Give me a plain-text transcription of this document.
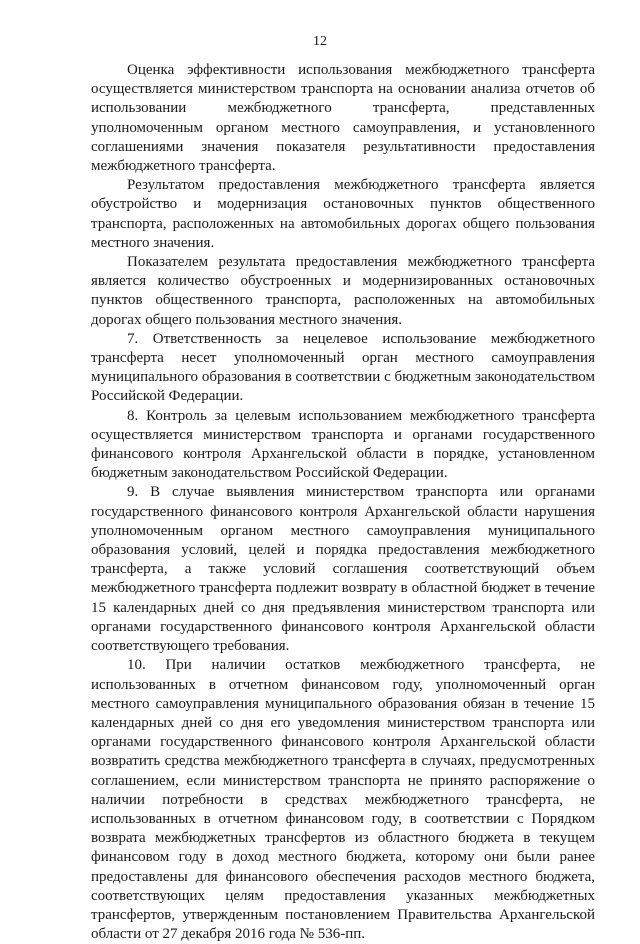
12

Оценка эффективности использования межбюджетного трансферта осуществляется министерством транспорта на основании анализа отчетов об использовании межбюджетного трансферта, представленных уполномоченным органом местного самоуправления, и установленного соглашениями значения показателя результативности предоставления межбюджетного трансферта.

Результатом предоставления межбюджетного трансферта является обустройство и модернизация остановочных пунктов общественного транспорта, расположенных на автомобильных дорогах общего пользования местного значения.

Показателем результата предоставления межбюджетного трансферта является количество обустроенных и модернизированных остановочных пунктов общественного транспорта, расположенных на автомобильных дорогах общего пользования местного значения.

7. Ответственность за нецелевое использование межбюджетного трансферта несет уполномоченный орган местного самоуправления муниципального образования в соответствии с бюджетным законодательством Российской Федерации.

8. Контроль за целевым использованием межбюджетного трансферта осуществляется министерством транспорта и органами государственного финансового контроля Архангельской области в порядке, установленном бюджетным законодательством Российской Федерации.

9. В случае выявления министерством транспорта или органами государственного финансового контроля Архангельской области нарушения уполномоченным органом местного самоуправления муниципального образования условий, целей и порядка предоставления межбюджетного трансферта, а также условий соглашения соответствующий объем межбюджетного трансферта подлежит возврату в областной бюджет в течение 15 календарных дней со дня предъявления министерством транспорта или органами государственного финансового контроля Архангельской области соответствующего требования.

10. При наличии остатков межбюджетного трансферта, не использованных в отчетном финансовом году, уполномоченный орган местного самоуправления муниципального образования обязан в течение 15 календарных дней со дня его уведомления министерством транспорта или органами государственного финансового контроля Архангельской области возвратить средства межбюджетного трансферта в случаях, предусмотренных соглашением, если министерством транспорта не принято распоряжение о наличии потребности в средствах межбюджетного трансферта, не использованных в отчетном финансовом году, в соответствии с Порядком возврата межбюджетных трансфертов из областного бюджета в текущем финансовом году в доход местного бюджета, которому они были ранее предоставлены для финансового обеспечения расходов местного бюджета, соответствующих целям предоставления указанных межбюджетных трансфертов, утвержденным постановлением Правительства Архангельской области от 27 декабря 2016 года № 536-пп.
